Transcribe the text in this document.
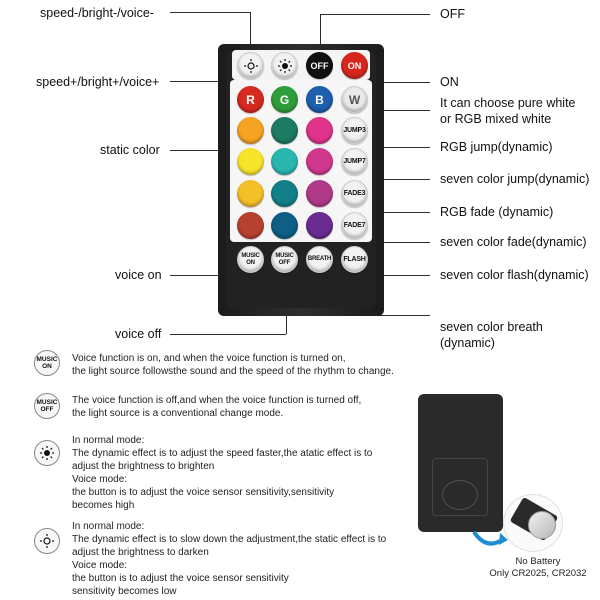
speed-/bright-/voice-
speed+/bright+/voice+
static color
voice on
voice off
OFF
ON
It can choose pure white
or RGB mixed white
RGB jump(dynamic)
seven color jump(dynamic)
RGB fade (dynamic)
seven color fade(dynamic)
seven color flash(dynamic)
seven color breath
(dynamic)
OFF ON
R G B W
JUMP3
JUMP7
FADE3
FADE7
MUSIC
ON
MUSIC
OFF
BREATH FLASH
MUSIC
ON
Voice function is on, and when the voice function is turned on,
the light source followsthe sound and the speed of the rhythm to change.
MUSIC
OFF
The voice function is off,and when the voice function is turned off,
the light source is a conventional change mode.
In normal mode:
The dynamic effect is to adjust the speed faster,the atatic effect is to
adjust the brightness to brighten
Voice mode:
the button is to adjust the voice sensor sensitivity,sensitivity
becomes high
In normal mode:
The dynamic effect is to slow down the adjustment,the static effect is to
adjust the brightness to darken
Voice mode:
the button is to adjust the voice sensor sensitivity
sensitivity becomes low
No Battery
Only CR2025, CR2032
